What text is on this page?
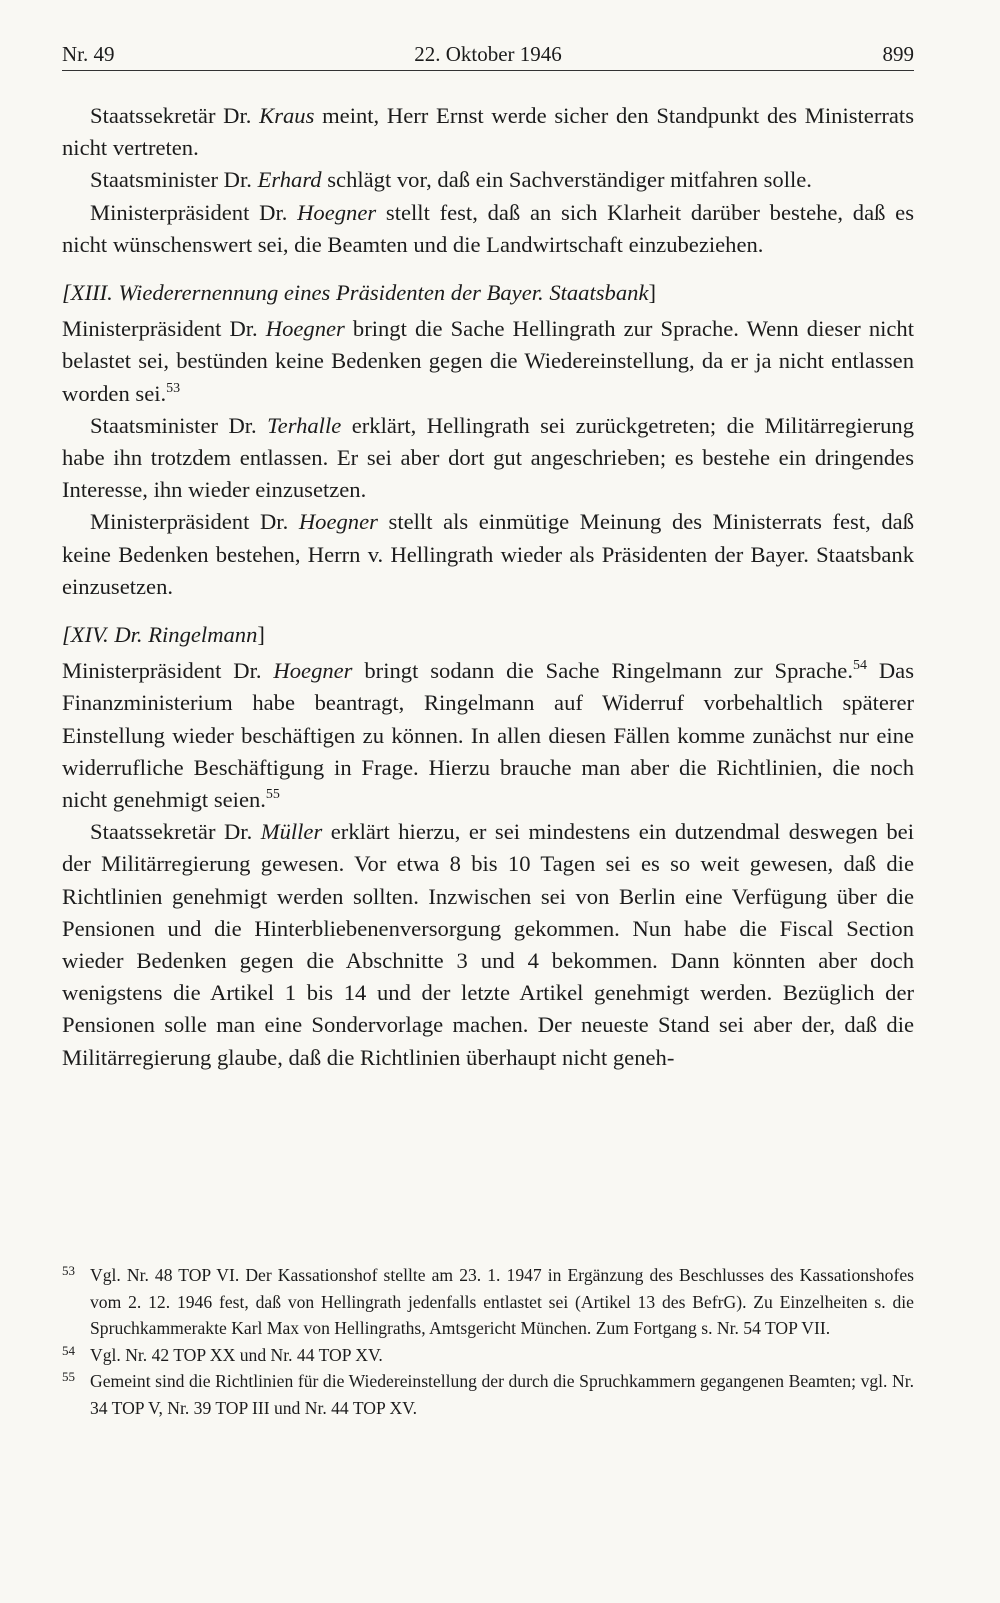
Nr. 49	22. Oktober 1946	899

Staatssekretär Dr. Kraus meint, Herr Ernst werde sicher den Standpunkt des Ministerrats nicht vertreten.

Staatsminister Dr. Erhard schlägt vor, daß ein Sachverständiger mitfahren solle.

Ministerpräsident Dr. Hoegner stellt fest, daß an sich Klarheit darüber bestehe, daß es nicht wünschenswert sei, die Beamten und die Landwirtschaft einzubeziehen.

[XIII. Wiederernennung eines Präsidenten der Bayer. Staatsbank]

Ministerpräsident Dr. Hoegner bringt die Sache Hellingrath zur Sprache. Wenn dieser nicht belastet sei, bestünden keine Bedenken gegen die Wiedereinstellung, da er ja nicht entlassen worden sei.$^{53}$

Staatsminister Dr. Terhalle erklärt, Hellingrath sei zurückgetreten; die Militärregierung habe ihn trotzdem entlassen. Er sei aber dort gut angeschrieben; es bestehe ein dringendes Interesse, ihn wieder einzusetzen.

Ministerpräsident Dr. Hoegner stellt als einmütige Meinung des Ministerrats fest, daß keine Bedenken bestehen, Herrn v. Hellingrath wieder als Präsidenten der Bayer. Staatsbank einzusetzen.

[XIV. Dr. Ringelmann]

Ministerpräsident Dr. Hoegner bringt sodann die Sache Ringelmann zur Sprache.$^{54}$ Das Finanzministerium habe beantragt, Ringelmann auf Widerruf vorbehaltlich späterer Einstellung wieder beschäftigen zu können. In allen diesen Fällen komme zunächst nur eine widerrufliche Beschäftigung in Frage. Hierzu brauche man aber die Richtlinien, die noch nicht genehmigt seien.$^{55}$

Staatssekretär Dr. Müller erklärt hierzu, er sei mindestens ein dutzendmal deswegen bei der Militärregierung gewesen. Vor etwa 8 bis 10 Tagen sei es so weit gewesen, daß die Richtlinien genehmigt werden sollten. Inzwischen sei von Berlin eine Verfügung über die Pensionen und die Hinterbliebenenversorgung gekommen. Nun habe die Fiscal Section wieder Bedenken gegen die Abschnitte 3 und 4 bekommen. Dann könnten aber doch wenigstens die Artikel 1 bis 14 und der letzte Artikel genehmigt werden. Bezüglich der Pensionen solle man eine Sondervorlage machen. Der neueste Stand sei aber der, daß die Militärregierung glaube, daß die Richtlinien überhaupt nicht geneh-

53 Vgl. Nr. 48 TOP VI. Der Kassationshof stellte am 23. 1. 1947 in Ergänzung des Beschlusses des Kassationshofes vom 2. 12. 1946 fest, daß von Hellingrath jedenfalls entlastet sei (Artikel 13 des BefrG). Zu Einzelheiten s. die Spruchkammerakte Karl Max von Hellingraths, Amtsgericht München. Zum Fortgang s. Nr. 54 TOP VII.

54 Vgl. Nr. 42 TOP XX und Nr. 44 TOP XV.

55 Gemeint sind die Richtlinien für die Wiedereinstellung der durch die Spruchkammern gegangenen Beamten; vgl. Nr. 34 TOP V, Nr. 39 TOP III und Nr. 44 TOP XV.
